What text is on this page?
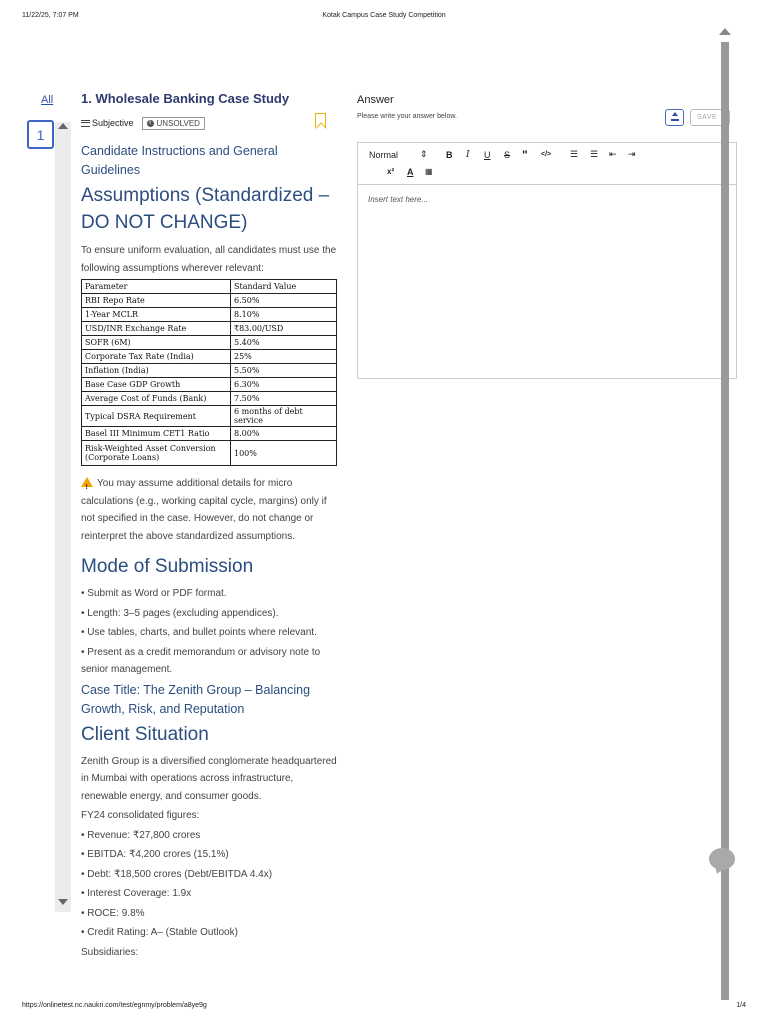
11/22/25, 7:07 PM	Kotak Campus Case Study Competition
All
1
1. Wholesale Banking Case Study
Subjective	i UNSOLVED
Candidate Instructions and General Guidelines
Assumptions (Standardized – DO NOT CHANGE)
To ensure uniform evaluation, all candidates must use the following assumptions wherever relevant:
Parameter	Standard Value
RBI Repo Rate	6.50%
1-Year MCLR	8.10%
USD/INR Exchange Rate	₹83.00/USD
SOFR (6M)	5.40%
Corporate Tax Rate (India)	25%
Inflation (India)	5.50%
Base Case GDP Growth	6.30%
Average Cost of Funds (Bank)	7.50%
Typical DSRA Requirement	6 months of debt service
Basel III Minimum CET1 Ratio	8.00%
Risk-Weighted Asset Conversion (Corporate Loans)	100%
!You may assume additional details for micro calculations (e.g., working capital cycle, margins) only if not specified in the case. However, do not change or reinterpret the above standardized assumptions.
Mode of Submission
• Submit as Word or PDF format.
• Length: 3–5 pages (excluding appendices).
• Use tables, charts, and bullet points where relevant.
• Present as a credit memorandum or advisory note to senior management.
Case Title: The Zenith Group – Balancing Growth, Risk, and Reputation
Client Situation
Zenith Group is a diversified conglomerate headquartered in Mumbai with operations across infrastructure, renewable energy, and consumer goods.
FY24 consolidated figures:
• Revenue: ₹27,800 crores
• EBITDA: ₹4,200 crores (15.1%)
• Debt: ₹18,500 crores (Debt/EBITDA 4.4x)
• Interest Coverage: 1.9x
• ROCE: 9.8%
• Credit Rating: A– (Stable Outlook)
Subsidiaries:
Answer
Please write your answer below.	SAVE
Normal ⇕ B I U S " </> ☰ ☰ ⇤ ⇥
x² A ▦
Insert text here...
https://onlinetest.nc.naukri.com/test/egnmy/problem/a8ye9g	1/4
